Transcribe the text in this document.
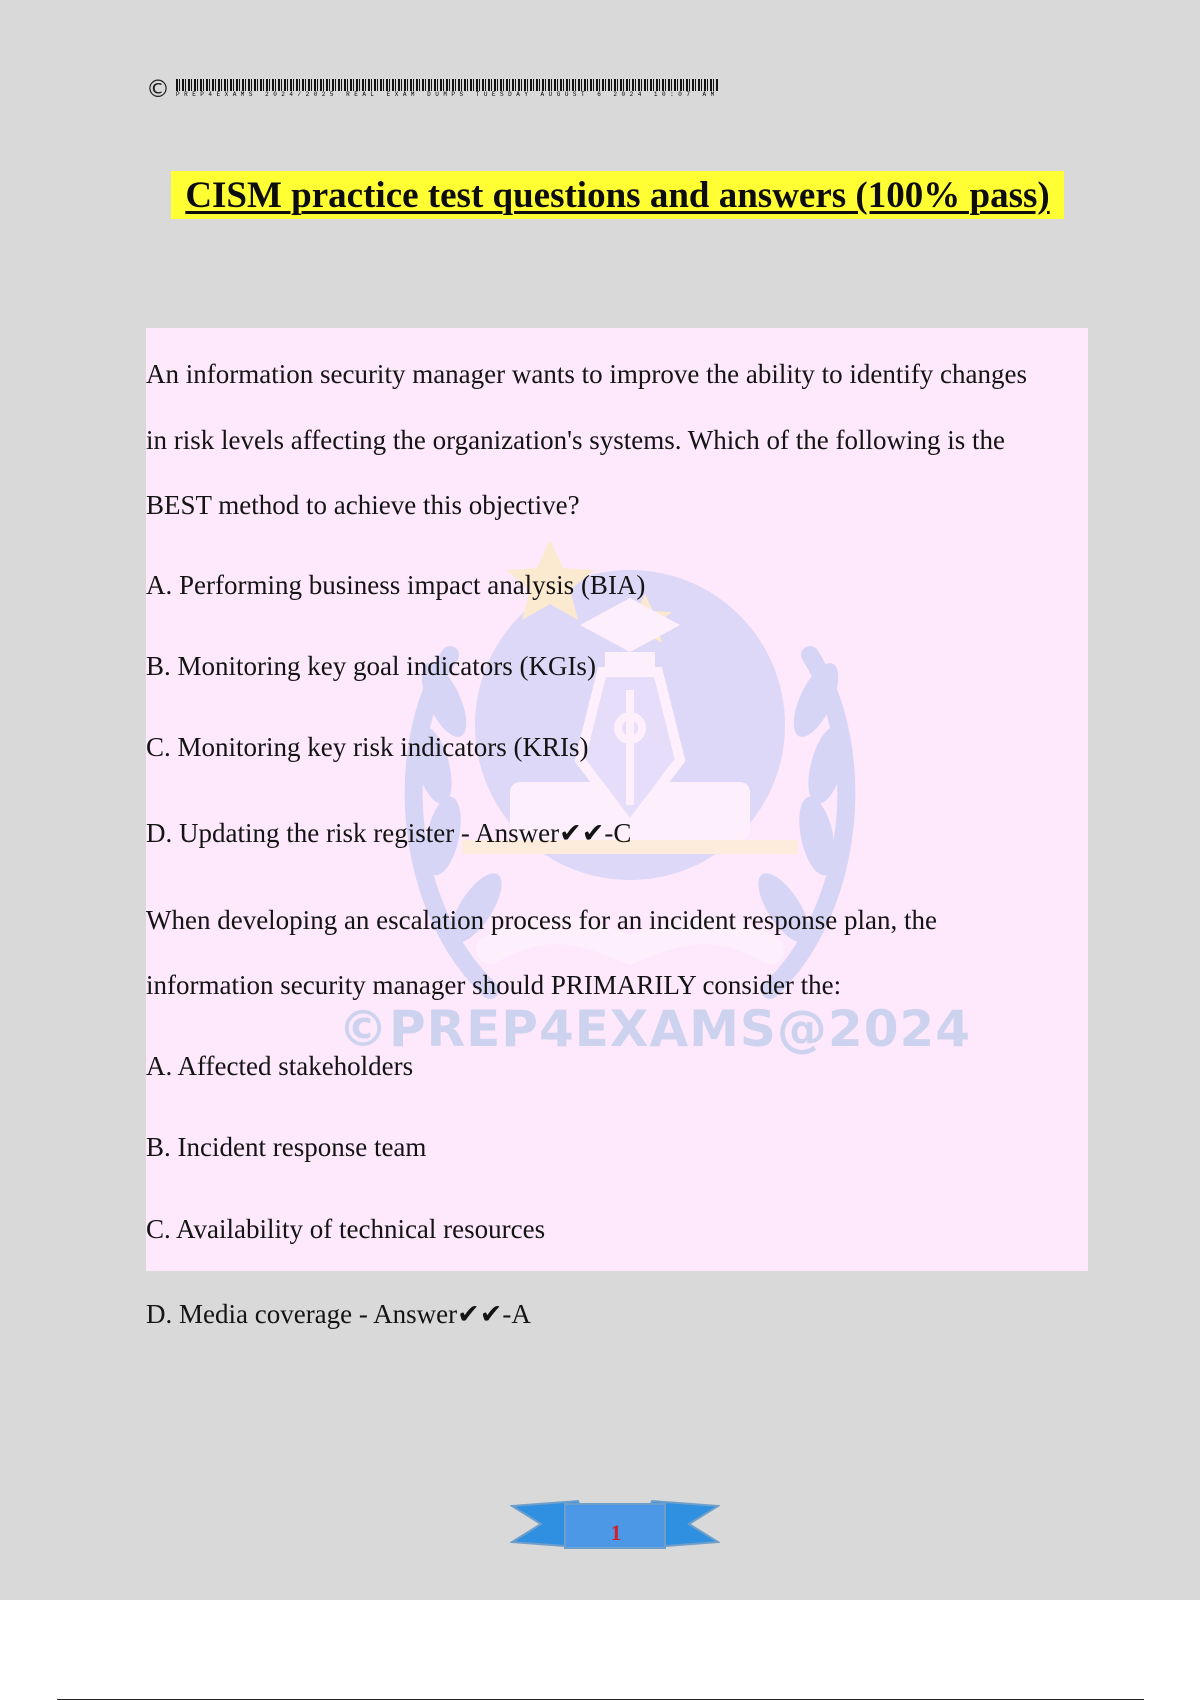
© PREP4EXAMS 2024/2025 REAL EXAM DUMPS TUESDAY AUGUST 6 2024 10:07 AM
CISM practice test questions and answers (100% pass)
©PREP4EXAMS@2024
An information security manager wants to improve the ability to identify changes
in risk levels affecting the organization's systems. Which of the following is the
BEST method to achieve this objective?
A. Performing business impact analysis (BIA)
B. Monitoring key goal indicators (KGIs)
C. Monitoring key risk indicators (KRIs)
D. Updating the risk register - Answer✔✔-C
When developing an escalation process for an incident response plan, the
information security manager should PRIMARILY consider the:
A. Affected stakeholders
B. Incident response team
C. Availability of technical resources
D. Media coverage - Answer✔✔-A
1
